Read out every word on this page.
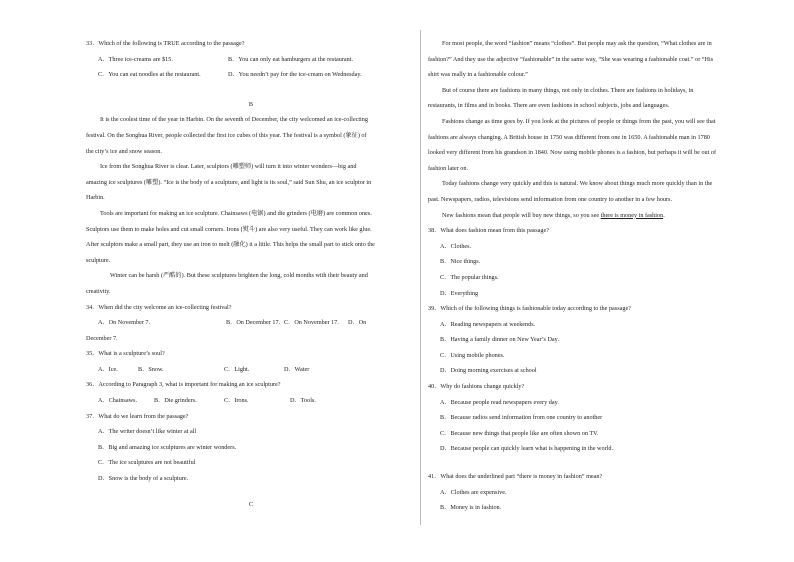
33．Which of the following is TRUE according to the passage?

A．Three ice-creams are $15.	B．You can only eat hamburgers at the restaurant.
C．You can eat noodles at the restaurant.	D．You needn’t pay for the ice-cream on Wednesday.

B

It is the coolest time of the year in Harbin. On the seventh of December, the city welcomed an ice-collecting

festival. On the Songhua River, people collected the first ice cubes of this year. The festival is a symbol (象征) of

the city’s ice and snow season.

Ice from the Songhua River is clear. Later, sculptors (雕塑师) will turn it into winter wonders—big and

amazing ice sculptures (雕塑). “Ice is the body of a sculpture, and light is its soul,” said Sun Shu, an ice sculptor in

Harbin.

Tools are important for making an ice sculpture. Chainsaws (电锯) and die grinders (电磨) are common ones.

Sculptors use them to make holes and cut small corners. Irons (熨斗) are also very useful. They can work like glue.

After sculptors make a small part, they use an iron to melt (融化) it a little. This helps the small part to stick onto the

sculpture.

Winter can be harsh (严酷的). But these sculptures brighten the long, cold months with their beauty and

creativity.

34．When did the city welcome an ice-collecting festival?

A．On November 7.	B．On December 17. C．On November 17.	D．On

December 7.

35．What is a sculpture’s soul?

A．Ice.	B．Snow.	C．Light.	D．Water

36．According to Paragraph 3, what is important for making an ice sculpture?

A．Chainsaws.	B．Die grinders.	C．Irons.	D．Tools.

37．What do we learn from the passage?

A．The writer doesn’t like winter at all

B．Big and amazing ice sculptures are winter wonders.

C．The ice sculptures are not beautiful

D．Snow is the body of a sculpture.

C

For most people, the word “fashion” means “clothes”. But people may ask the question, “What clothes are in

fashion?” And they use the adjective “fashionable” in the same way, “She was wearing a fashionable coat.” or “His

shirt was really in a fashionable colour.”

But of course there are fashions in many things, not only in clothes. There are fashions in holidays, in

restaurants, in films and in books. There are even fashions in school subjects, jobs and languages.

Fashions change as time goes by. If you look at the pictures of people or things from the past, you will see that

fashions are always changing. A British house in 1750 was different from one in 1650. A fashionable man in 1780

looked very different from his grandson in 1840. Now using mobile phones is a fashion, but perhaps it will be out of

fashion later on.

Today fashions change very quickly and this is natural. We know about things much more quickly than in the

past. Newspapers, radios, televisions send information from one country to another in a few hours.

New fashions mean that people will buy new things, so you see there is money in fashion.

38．What does fashion mean from this passage?

A．Clothes.

B．Nice things.

C．The popular things.

D．Everything

39．Which of the following things is fashionable today according to the passage?

A．Reading newspapers at weekends.

B．Having a family dinner on New Year’s Day.

C．Using mobile phones.

D．Doing morning exercises at school

40．Why do fashions change quickly?

A．Because people read newspapers every day.

B．Because radios send information from one country to another

C．Because new things that people like are often shown on TV.

D．Because people can quickly learn what is happening in the world.

41．What does the underlined part “there is money in fashion” mean?

A．Clothes are expensive.

B．Money is in fashion.
